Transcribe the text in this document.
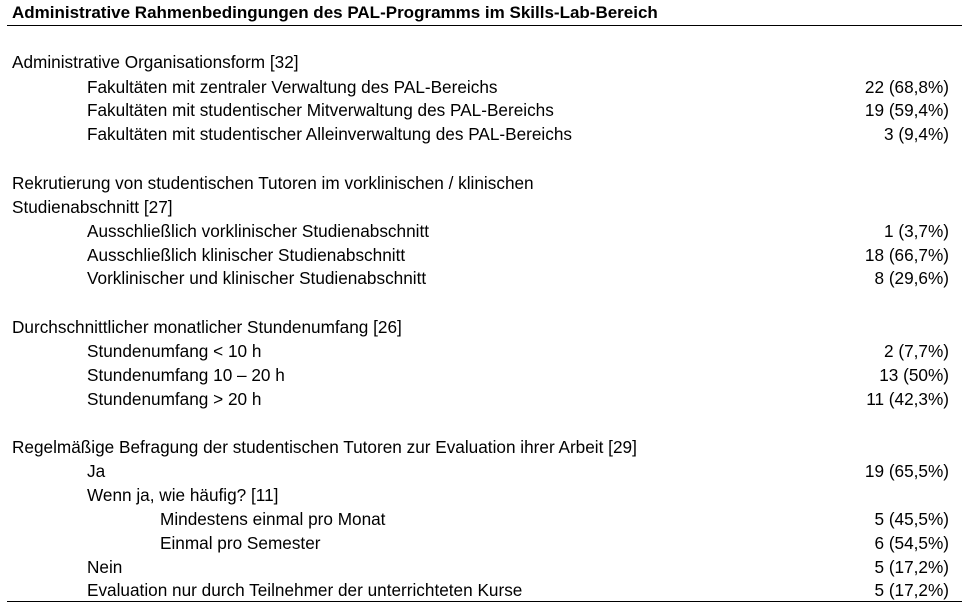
Administrative Rahmenbedingungen des PAL-Programms im Skills-Lab-Bereich
Administrative Organisationsform [32]
Fakultäten mit zentraler Verwaltung des PAL-Bereichs	22 (68,8%)
Fakultäten mit studentischer Mitverwaltung des PAL-Bereichs	19 (59,4%)
Fakultäten mit studentischer Alleinverwaltung des PAL-Bereichs	3 (9,4%)
Rekrutierung von studentischen Tutoren im vorklinischen / klinischen
Studienabschnitt [27]
Ausschließlich vorklinischer Studienabschnitt	1 (3,7%)
Ausschließlich klinischer Studienabschnitt	18 (66,7%)
Vorklinischer und klinischer Studienabschnitt	8 (29,6%)
Durchschnittlicher monatlicher Stundenumfang [26]
Stundenumfang < 10 h	2 (7,7%)
Stundenumfang 10 – 20 h	13 (50%)
Stundenumfang > 20 h	11 (42,3%)
Regelmäßige Befragung der studentischen Tutoren zur Evaluation ihrer Arbeit [29]
Ja	19 (65,5%)
Wenn ja, wie häufig? [11]
Mindestens einmal pro Monat	5 (45,5%)
Einmal pro Semester	6 (54,5%)
Nein	5 (17,2%)
Evaluation nur durch Teilnehmer der unterrichteten Kurse	5 (17,2%)
